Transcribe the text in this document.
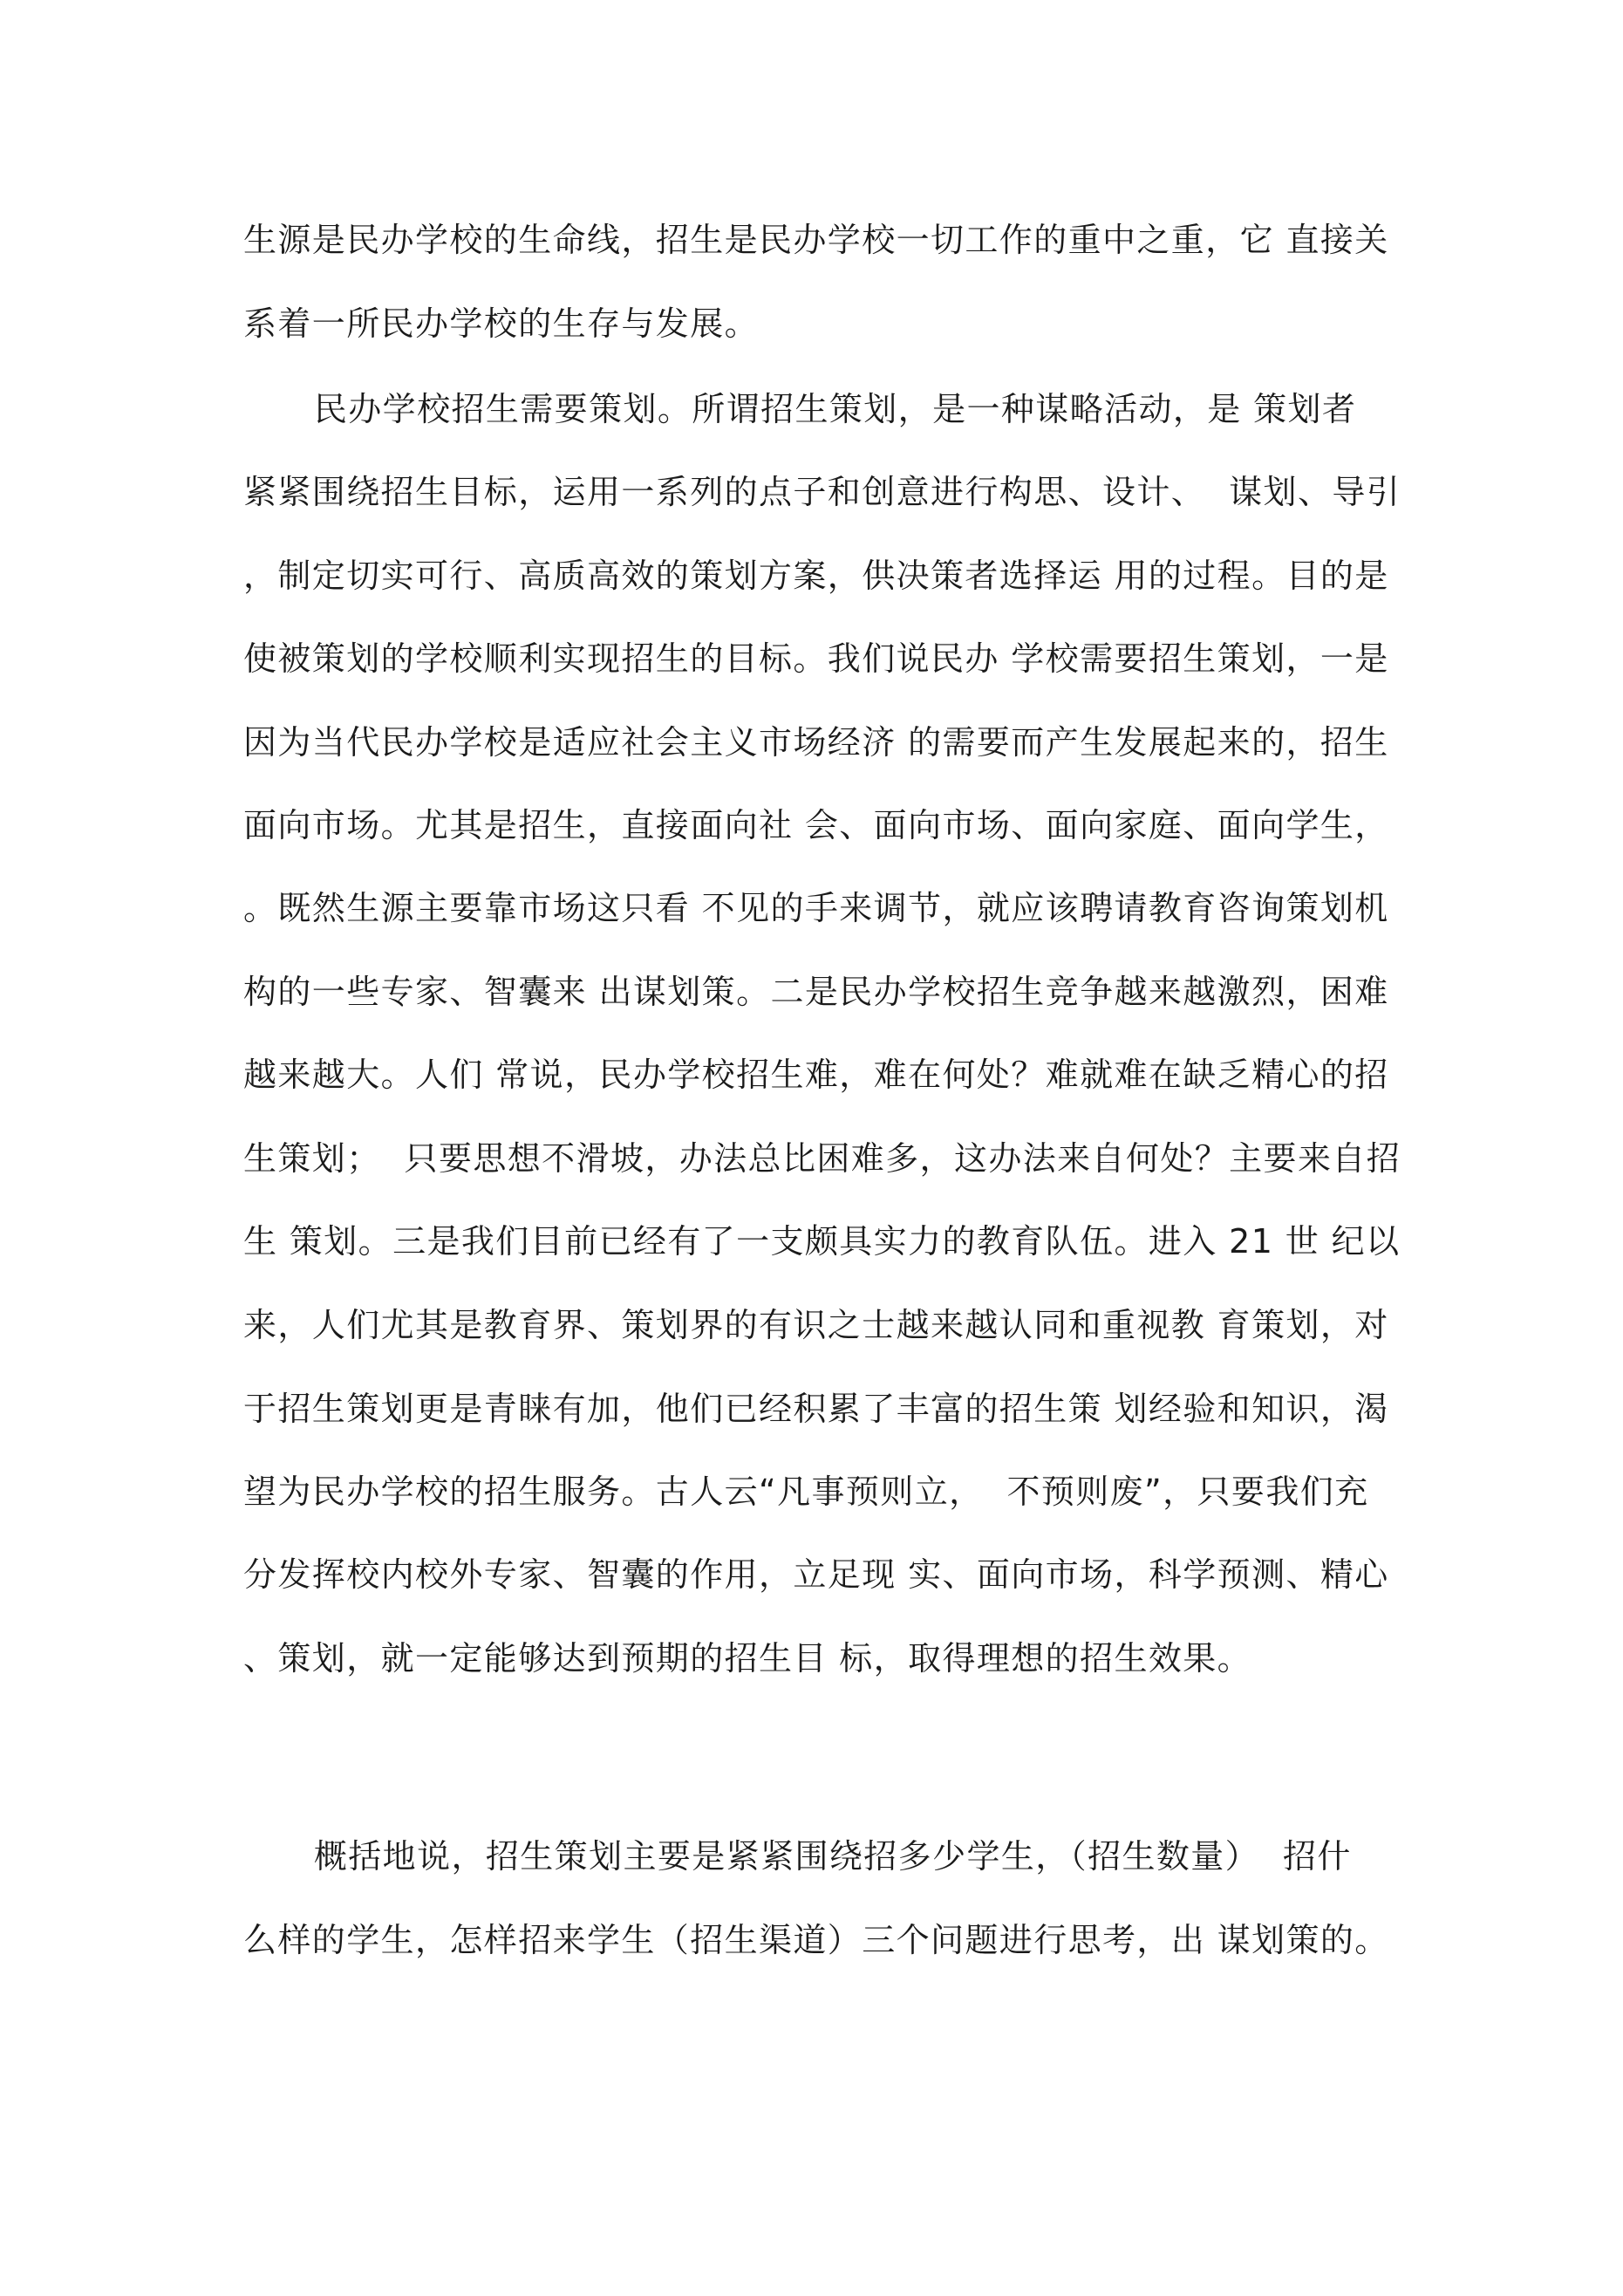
生源是民办学校的生命线，招生是民办学校一切工作的重中之重，它 直接关
系着一所民办学校的生存与发展。
民办学校招生需要策划。所谓招生策划，是一种谋略活动，是 策划者
紧紧围绕招生目标，运用一系列的点子和创意进行构思、设计、  谋划、导引
，制定切实可行、高质高效的策划方案，供决策者选择运 用的过程。目的是
使被策划的学校顺利实现招生的目标。我们说民办 学校需要招生策划，一是
因为当代民办学校是适应社会主义市场经济 的需要而产生发展起来的，招生
面向市场。尤其是招生，直接面向社 会、面向市场、面向家庭、面向学生，
。既然生源主要靠市场这只看 不见的手来调节，就应该聘请教育咨询策划机
构的一些专家、智囊来 出谋划策。二是民办学校招生竞争越来越激烈，困难
越来越大。人们 常说，民办学校招生难，难在何处？难就难在缺乏精心的招
生策划；  只要思想不滑坡，办法总比困难多，这办法来自何处？主要来自招
生 策划。三是我们目前已经有了一支颇具实力的教育队伍。进入 21 世 纪以
来，人们尤其是教育界、策划界的有识之士越来越认同和重视教 育策划，对
于招生策划更是青睐有加，他们已经积累了丰富的招生策 划经验和知识，渴
望为民办学校的招生服务。古人云“凡事预则立，  不预则废”，只要我们充
分发挥校内校外专家、智囊的作用，立足现 实、面向市场，科学预测、精心
、策划，就一定能够达到预期的招生目 标，取得理想的招生效果。
概括地说，招生策划主要是紧紧围绕招多少学生，（招生数量）  招什
么样的学生，怎样招来学生（招生渠道）三个问题进行思考，出 谋划策的。
